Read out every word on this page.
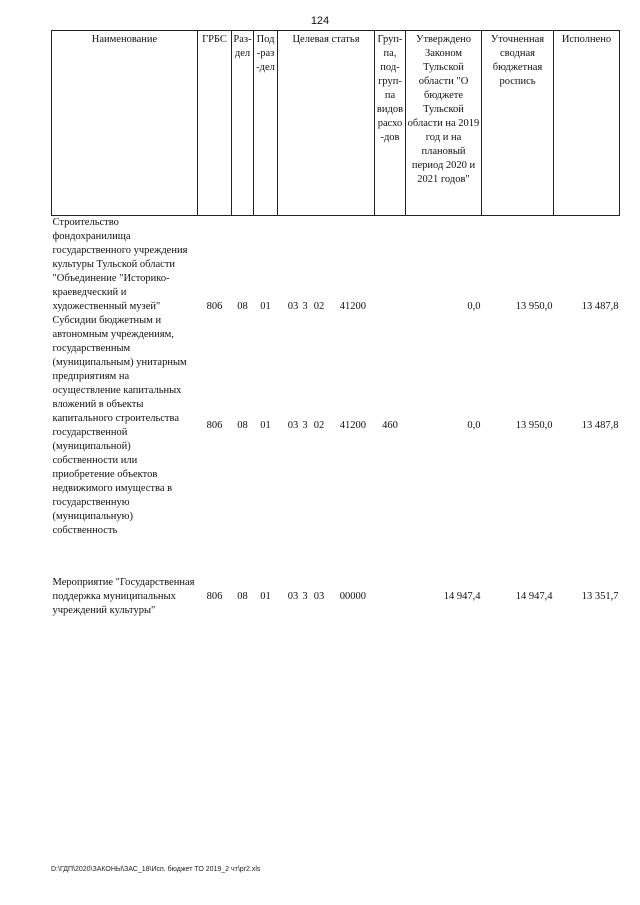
124
Наименование	ГРБС	Раз-дел	Под-раз-дел	Целевая статья	Груп-па, под-груп-па видов расхо-дов	Утверждено Законом Тульской области "О бюджете Тульской области на 2019 год и на плановый период 2020 и 2021 годов"	Уточненная сводная бюджетная роспись	Исполнено
Строительство фондохранилища государственного учреждения культуры Тульской области "Объединение "Историко-краеведческий и художественный музей"	806	08	01	03 3 02 41200		0,0	13 950,0	13 487,8
Субсидии бюджетным и автономным учреждениям, государственным (муниципальным) унитарным предприятиям на осуществление капитальных вложений в объекты капитального строительства государственной (муниципальной) собственности или приобретение объектов недвижимого имущества в государственную (муниципальную) собственность	806	08	01	03 3 02 41200	460	0,0	13 950,0	13 487,8

Мероприятие "Государственная поддержка муниципальных учреждений культуры"	806	08	01	03 3 03 00000		14 947,4	14 947,4	13 351,7
D:\ГДП\2020\ЗАКОНЫ\ЗАС_18\Исп. бюджет ТО 2019_2 чт\pr2.xls
